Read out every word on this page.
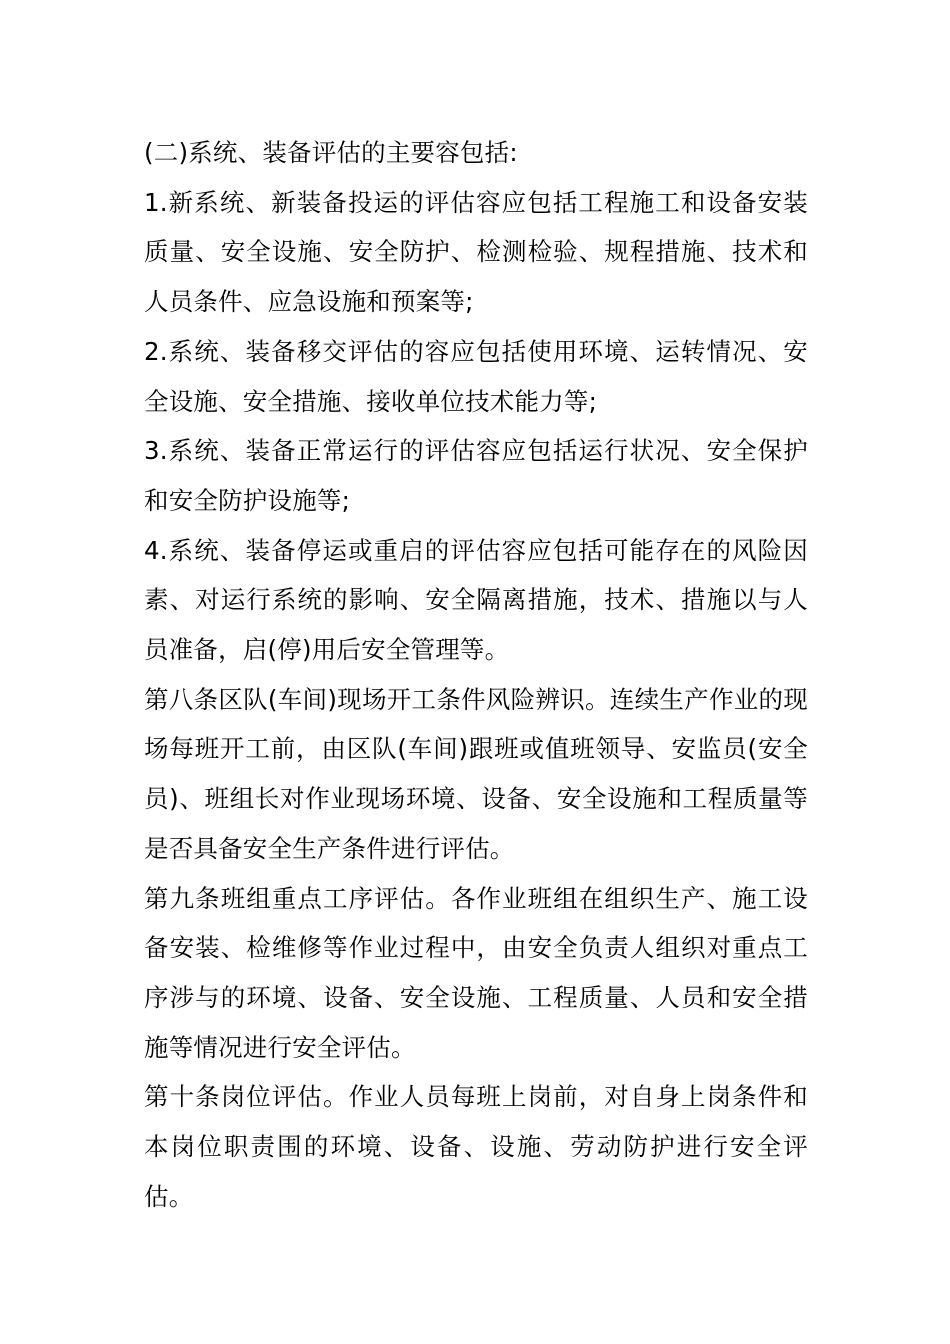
(二)系统、装备评估的主要容包括:

1.新系统、新装备投运的评估容应包括工程施工和设备安装质量、安全设施、安全防护、检测检验、规程措施、技术和人员条件、应急设施和预案等;

2.系统、装备移交评估的容应包括使用环境、运转情况、安全设施、安全措施、接收单位技术能力等;

3.系统、装备正常运行的评估容应包括运行状况、安全保护和安全防护设施等;

4.系统、装备停运或重启的评估容应包括可能存在的风险因素、对运行系统的影响、安全隔离措施，技术、措施以与人员准备，启(停)用后安全管理等。

第八条区队(车间)现场开工条件风险辨识。连续生产作业的现场每班开工前，由区队(车间)跟班或值班领导、安监员(安全员)、班组长对作业现场环境、设备、安全设施和工程质量等是否具备安全生产条件进行评估。

第九条班组重点工序评估。各作业班组在组织生产、施工设备安装、检维修等作业过程中，由安全负责人组织对重点工序涉与的环境、设备、安全设施、工程质量、人员和安全措施等情况进行安全评估。

第十条岗位评估。作业人员每班上岗前，对自身上岗条件和本岗位职责围的环境、设备、设施、劳动防护进行安全评估。
